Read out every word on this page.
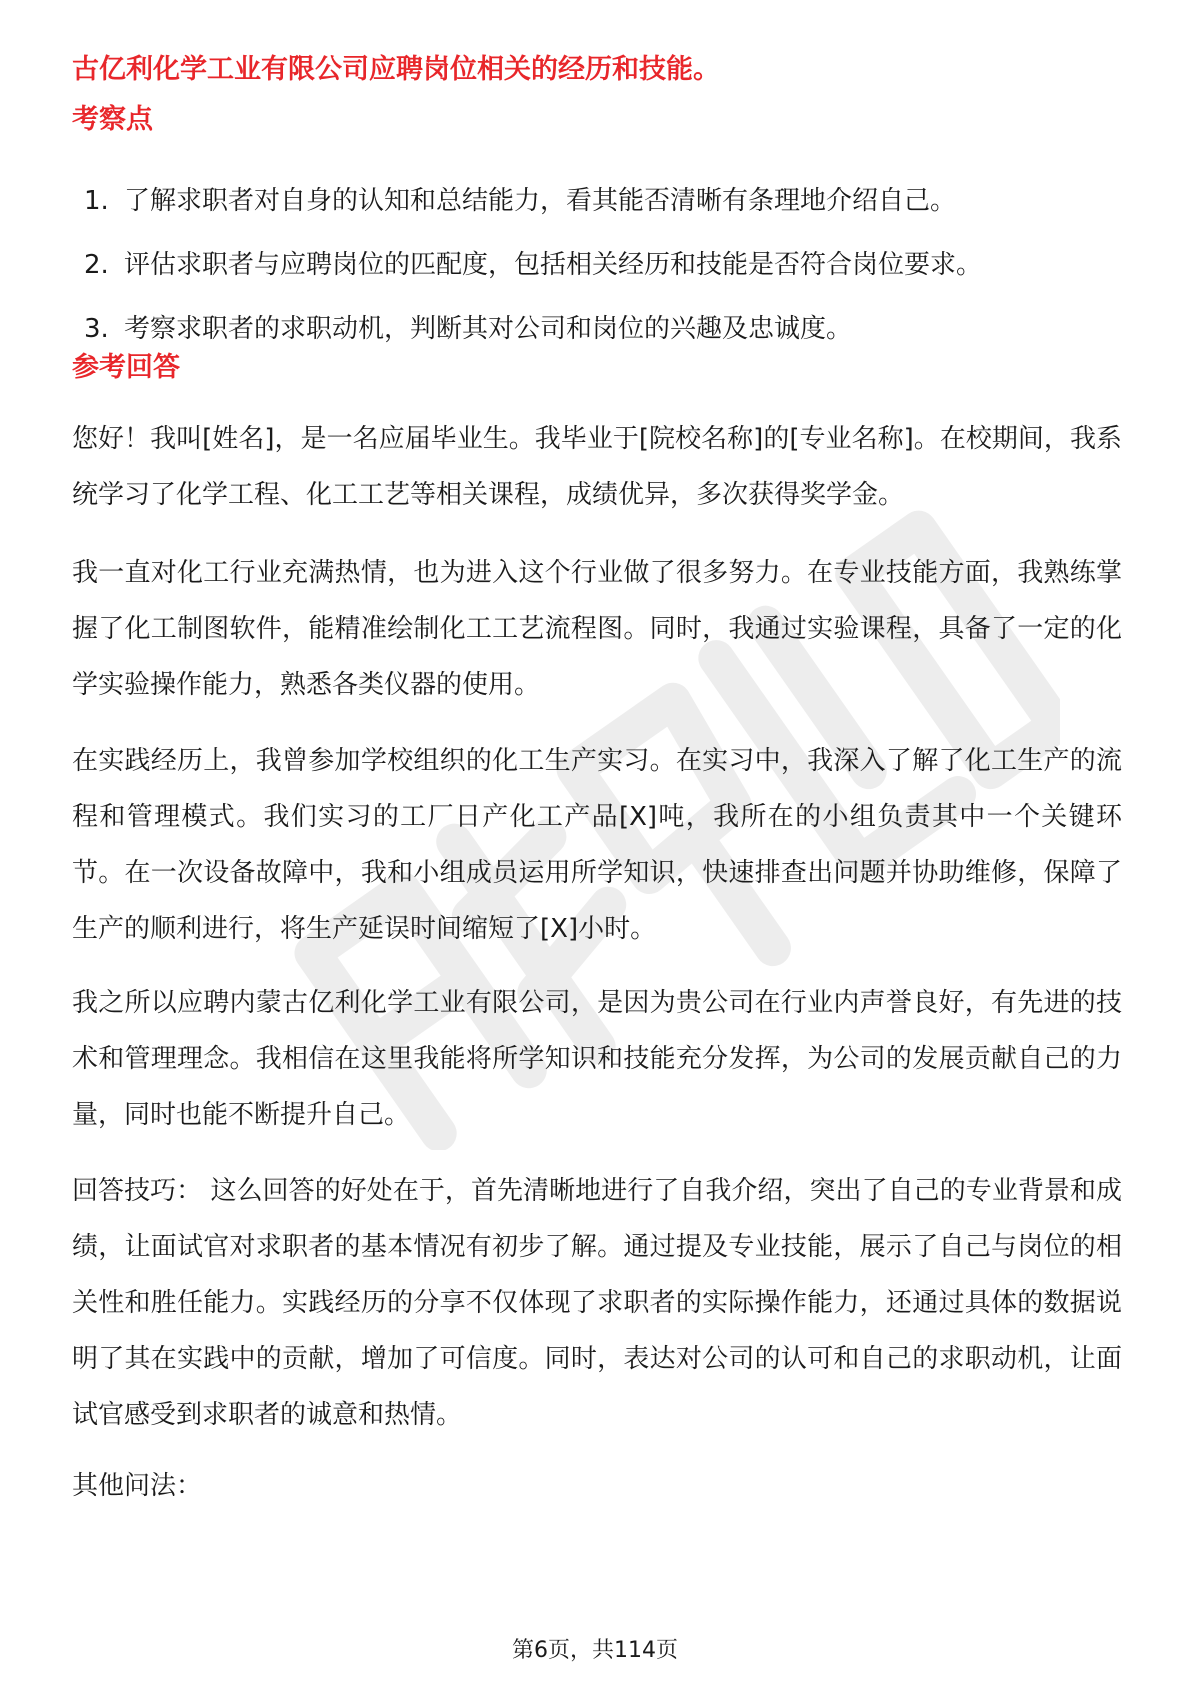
古亿利化学工业有限公司应聘岗位相关的经历和技能。
考察点
1. 了解求职者对自身的认知和总结能力，看其能否清晰有条理地介绍自己。
2. 评估求职者与应聘岗位的匹配度，包括相关经历和技能是否符合岗位要求。
3. 考察求职者的求职动机，判断其对公司和岗位的兴趣及忠诚度。
参考回答

您好！我叫[姓名]，是一名应届毕业生。我毕业于[院校名称]的[专业名称]。在校期间，我系统学习了化学工程、化工工艺等相关课程，成绩优异，多次获得奖学金。

我一直对化工行业充满热情，也为进入这个行业做了很多努力。在专业技能方面，我熟练掌握了化工制图软件，能精准绘制化工工艺流程图。同时，我通过实验课程，具备了一定的化学实验操作能力，熟悉各类仪器的使用。

在实践经历上，我曾参加学校组织的化工生产实习。在实习中，我深入了解了化工生产的流程和管理模式。我们实习的工厂日产化工产品[X]吨，我所在的小组负责其中一个关键环节。在一次设备故障中，我和小组成员运用所学知识，快速排查出问题并协助维修，保障了生产的顺利进行，将生产延误时间缩短了[X]小时。

我之所以应聘内蒙古亿利化学工业有限公司，是因为贵公司在行业内声誉良好，有先进的技术和管理理念。我相信在这里我能将所学知识和技能充分发挥，为公司的发展贡献自己的力量，同时也能不断提升自己。

回答技巧： 这么回答的好处在于，首先清晰地进行了自我介绍，突出了自己的专业背景和成绩，让面试官对求职者的基本情况有初步了解。通过提及专业技能，展示了自己与岗位的相关性和胜任能力。实践经历的分享不仅体现了求职者的实际操作能力，还通过具体的数据说明了其在实践中的贡献，增加了可信度。同时，表达对公司的认可和自己的求职动机，让面试官感受到求职者的诚意和热情。

其他问法：

第6页，共114页
